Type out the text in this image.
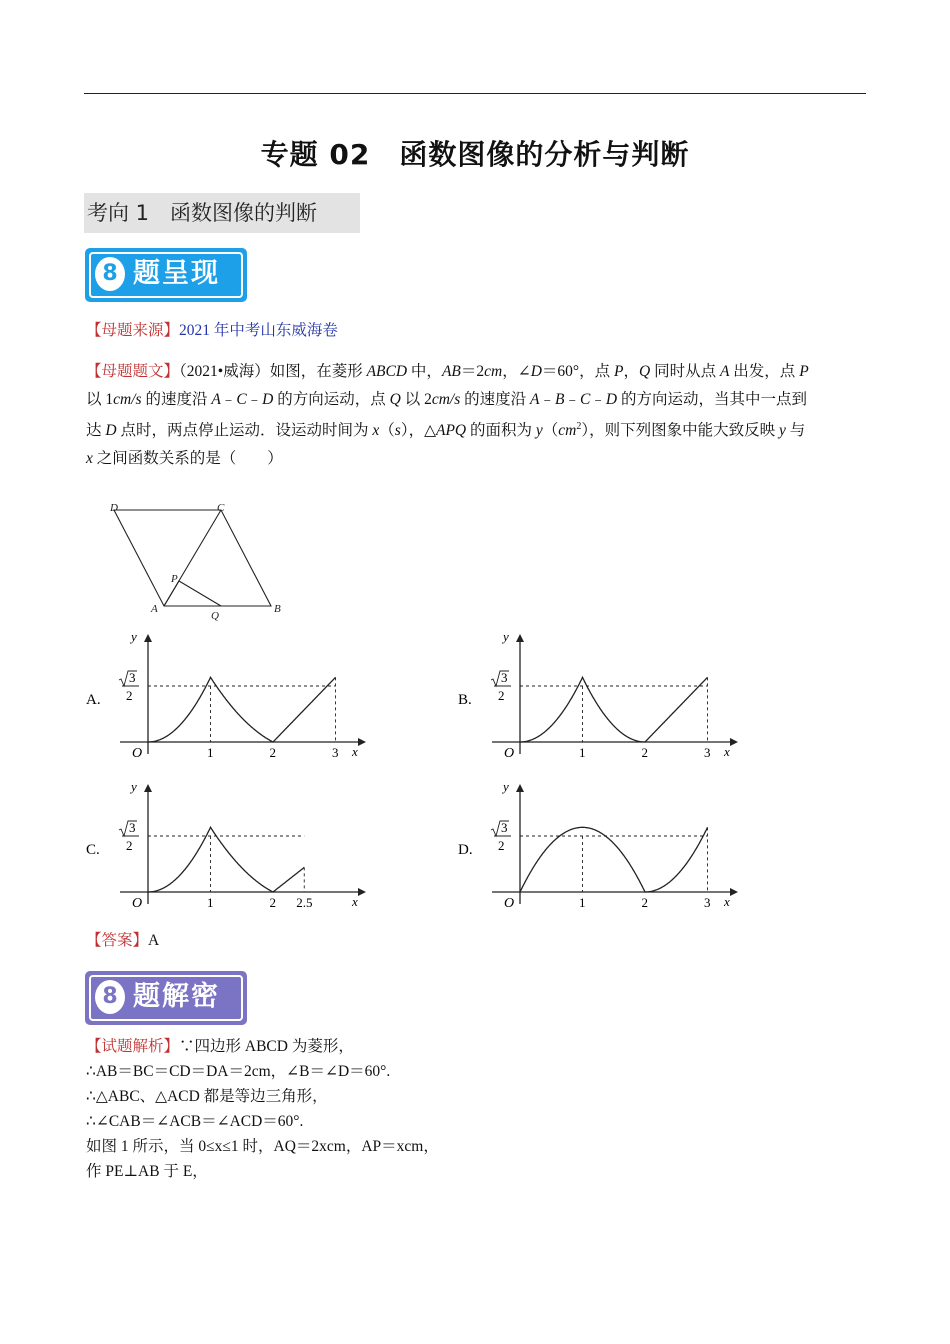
专题 02　函数图像的分析与判断
考向 1　函数图像的判断
8 题呈现
【母题来源】2021 年中考山东威海卷
【母题题文】（2021•威海）如图，在菱形 ABCD 中，AB＝2cm，∠D＝60°，点 P，Q 同时从点 A 出发，点 P
以 1cm/s 的速度沿 A﹣C﹣D 的方向运动，点 Q 以 2cm/s 的速度沿 A﹣B﹣C﹣D 的方向运动，当其中一点到
达 D 点时，两点停止运动．设运动时间为 x（s），△APQ 的面积为 $y(cm^2)$，则下列图象中能大致反映 y 与
x 之间函数关系的是（　　）
D	C
A	B
P
Q
A.
y
x
O
3
2
1	2	3
B.
y
x
O
3
2
1	2	3
C.
y
x
O
3
2
1	2 2.5
D.
y
x
O
3
2
1	2	3
【答案】A
8 题解密
【试题解析】∵四边形 ABCD 为菱形，
∴AB＝BC＝CD＝DA＝2cm，∠B＝∠D＝60°.
∴△ABC、△ACD 都是等边三角形，
∴∠CAB＝∠ACB＝∠ACD＝60°.
如图 1 所示，当 0≤x≤1 时，AQ＝2xcm，AP＝xcm，
作 PE⊥AB 于 E，
